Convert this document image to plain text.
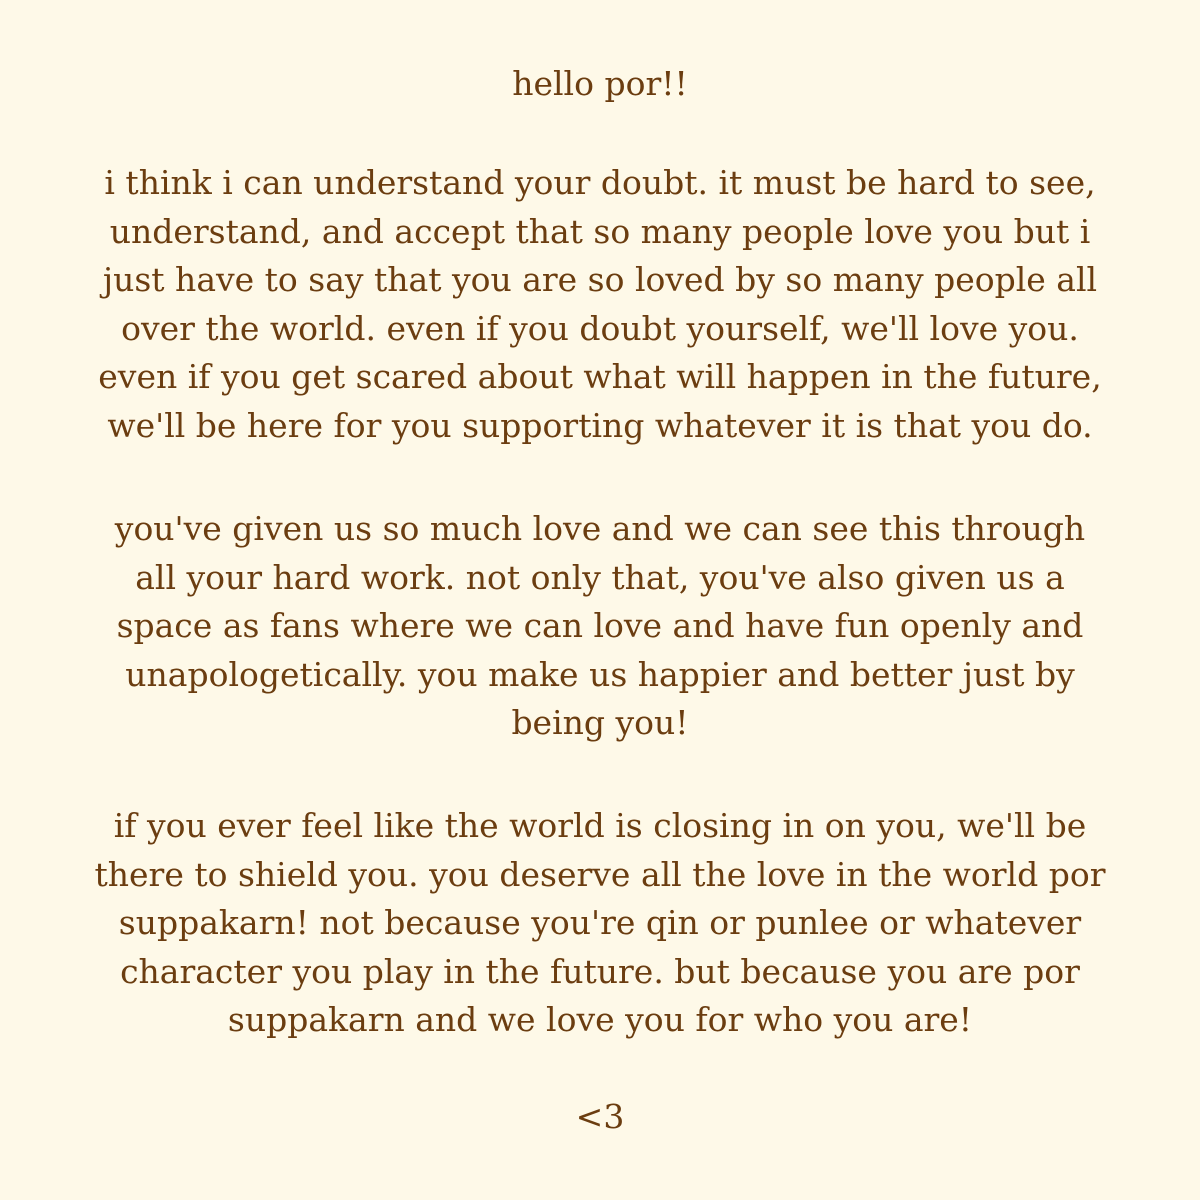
hello por!!

i think i can understand your doubt. it must be hard to see,
understand, and accept that so many people love you but i
just have to say that you are so loved by so many people all
over the world. even if you doubt yourself, we'll love you.
even if you get scared about what will happen in the future,
we'll be here for you supporting whatever it is that you do.

you've given us so much love and we can see this through
all your hard work. not only that, you've also given us a
space as fans where we can love and have fun openly and
unapologetically. you make us happier and better just by
being you!

if you ever feel like the world is closing in on you, we'll be
there to shield you. you deserve all the love in the world por
suppakarn! not because you're qin or punlee or whatever
character you play in the future. but because you are por
suppakarn and we love you for who you are!

<3
